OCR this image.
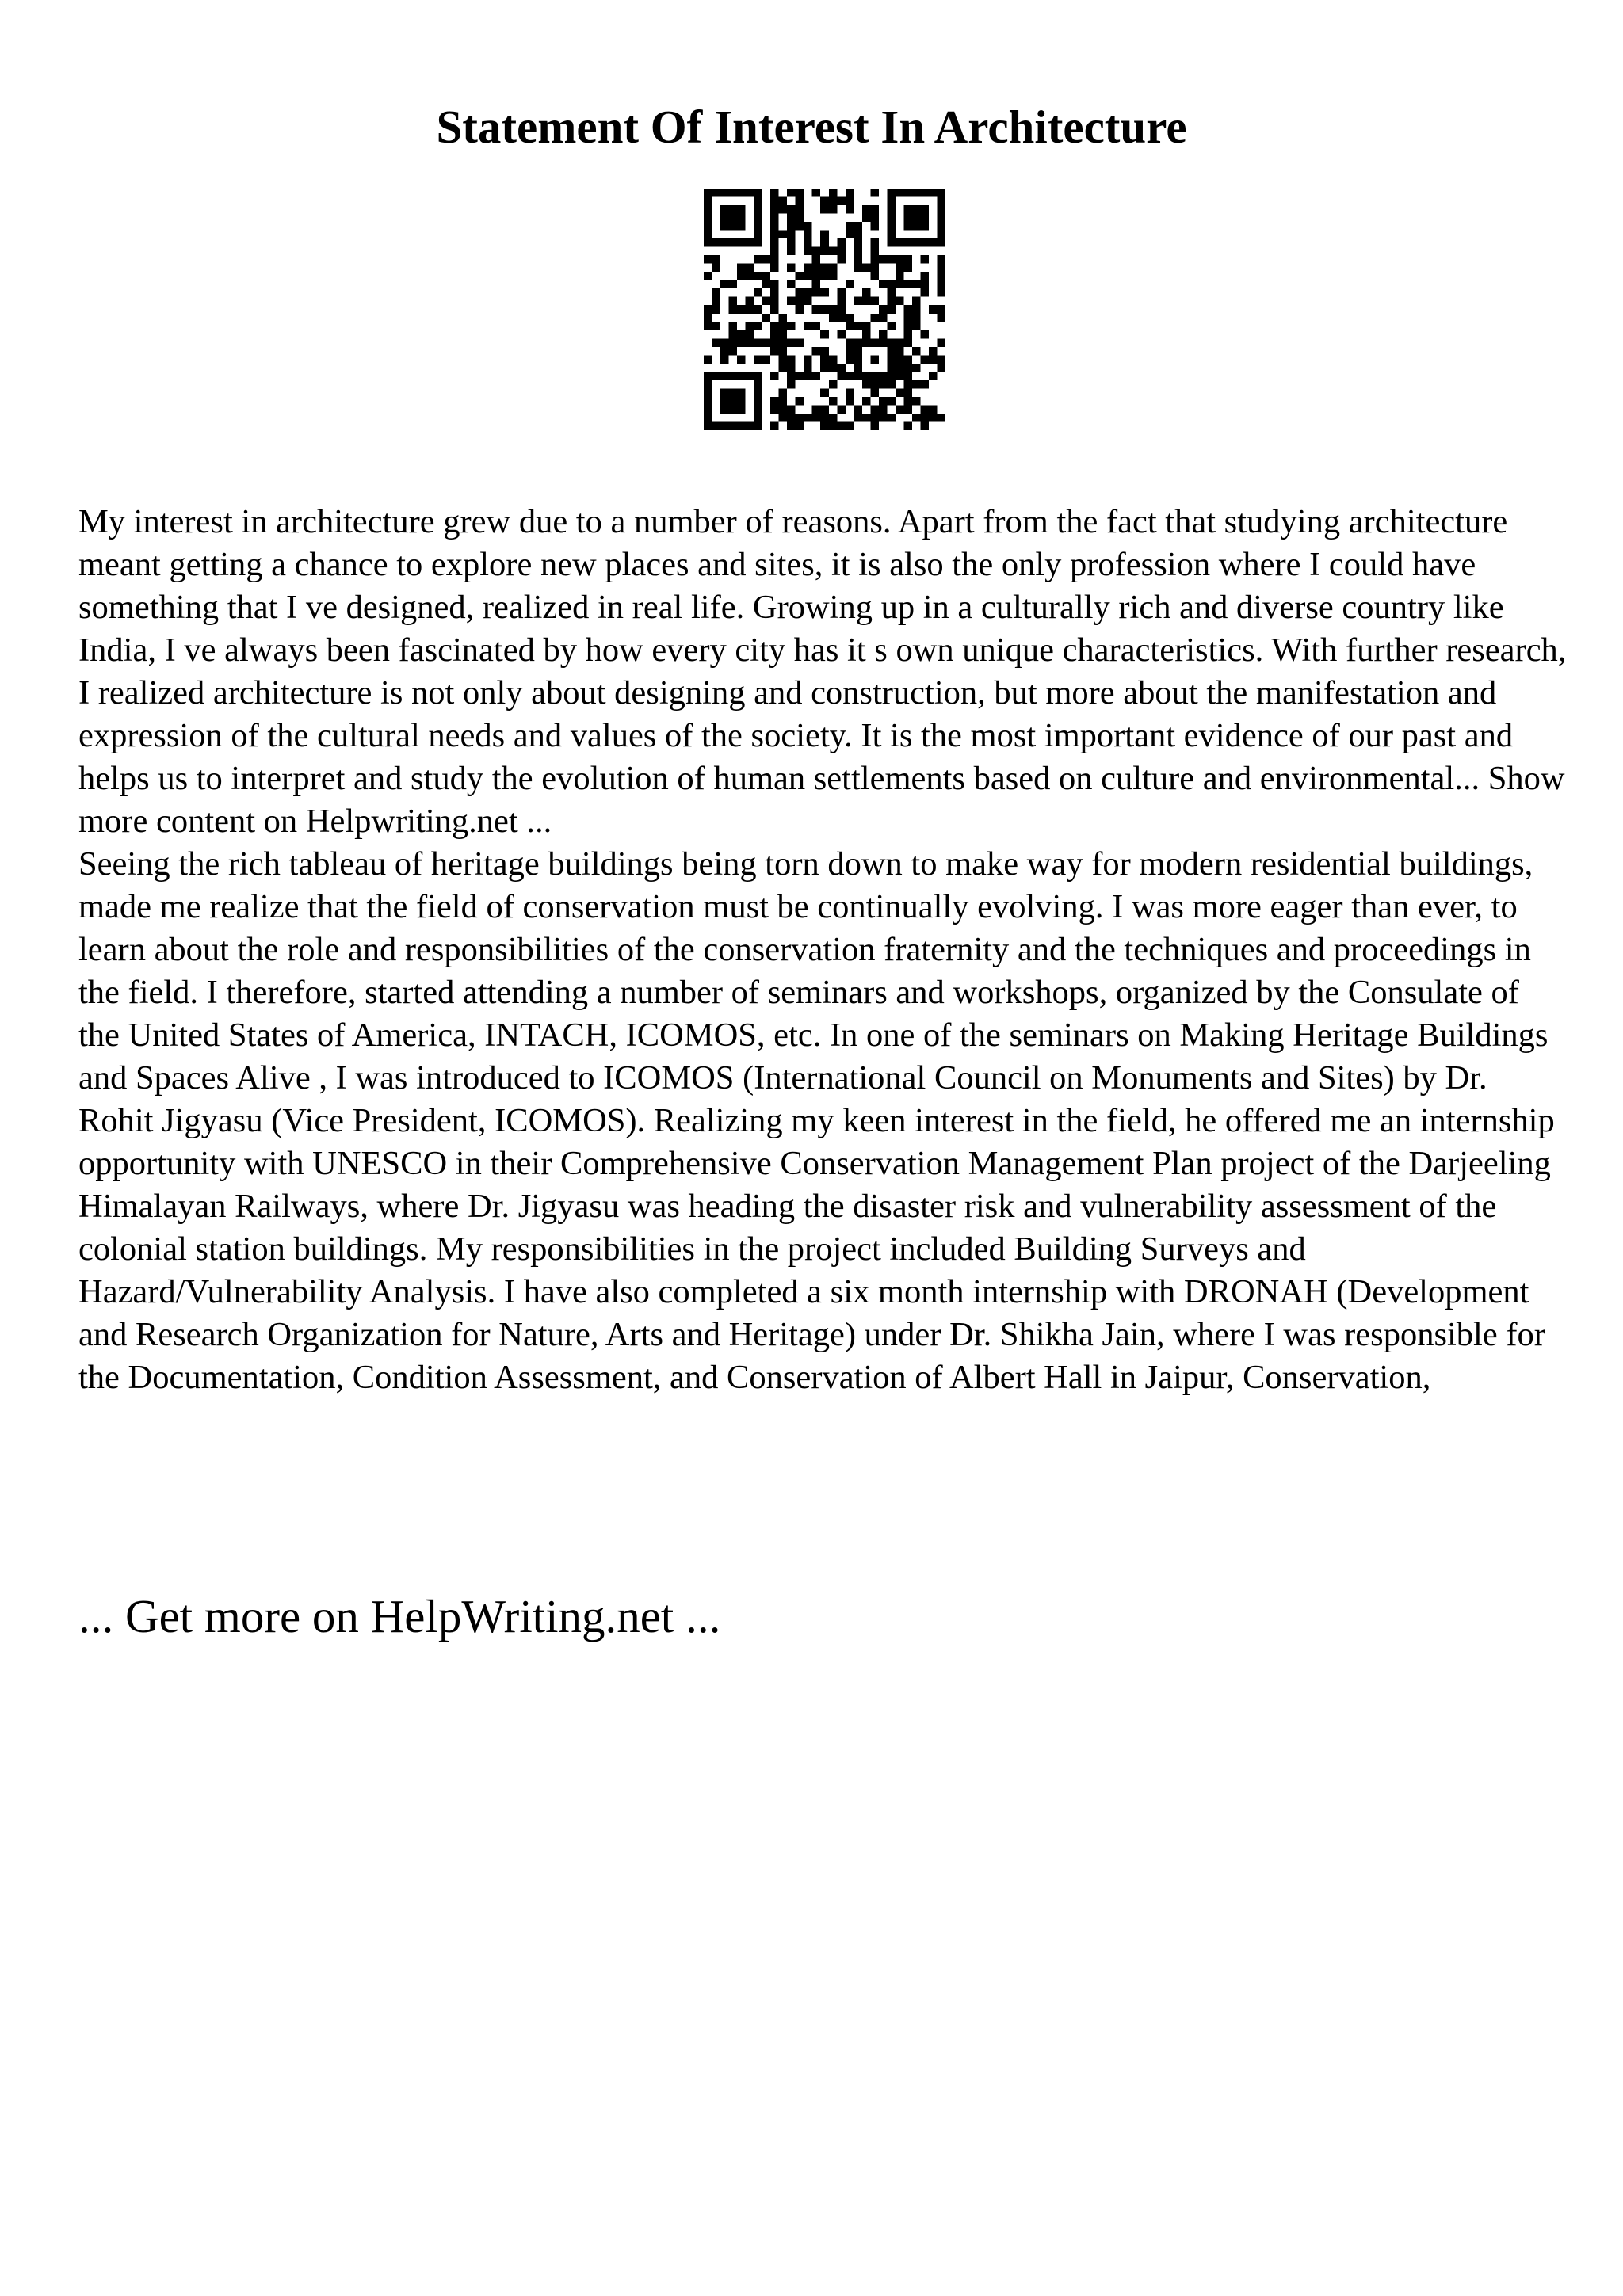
Statement Of Interest In Architecture

My interest in architecture grew due to a number of reasons. Apart from the fact that studying architecture meant getting a chance to explore new places and sites, it is also the only profession where I could have something that I ve designed, realized in real life. Growing up in a culturally rich and diverse country like India, I ve always been fascinated by how every city has it s own unique characteristics. With further research, I realized architecture is not only about designing and construction, but more about the manifestation and expression of the cultural needs and values of the society. It is the most important evidence of our past and helps us to interpret and study the evolution of human settlements based on culture and environmental... Show more content on Helpwriting.net ...

Seeing the rich tableau of heritage buildings being torn down to make way for modern residential buildings, made me realize that the field of conservation must be continually evolving. I was more eager than ever, to learn about the role and responsibilities of the conservation fraternity and the techniques and proceedings in the field. I therefore, started attending a number of seminars and workshops, organized by the Consulate of the United States of America, INTACH, ICOMOS, etc. In one of the seminars on Making Heritage Buildings and Spaces Alive , I was introduced to ICOMOS (International Council on Monuments and Sites) by Dr. Rohit Jigyasu (Vice President, ICOMOS). Realizing my keen interest in the field, he offered me an internship opportunity with UNESCO in their Comprehensive Conservation Management Plan project of the Darjeeling Himalayan Railways, where Dr. Jigyasu was heading the disaster risk and vulnerability assessment of the colonial station buildings. My responsibilities in the project included Building Surveys and Hazard/Vulnerability Analysis. I have also completed a six month internship with DRONAH (Development and Research Organization for Nature, Arts and Heritage) under Dr. Shikha Jain, where I was responsible for the Documentation, Condition Assessment, and Conservation of Albert Hall in Jaipur, Conservation,

... Get more on HelpWriting.net ...
